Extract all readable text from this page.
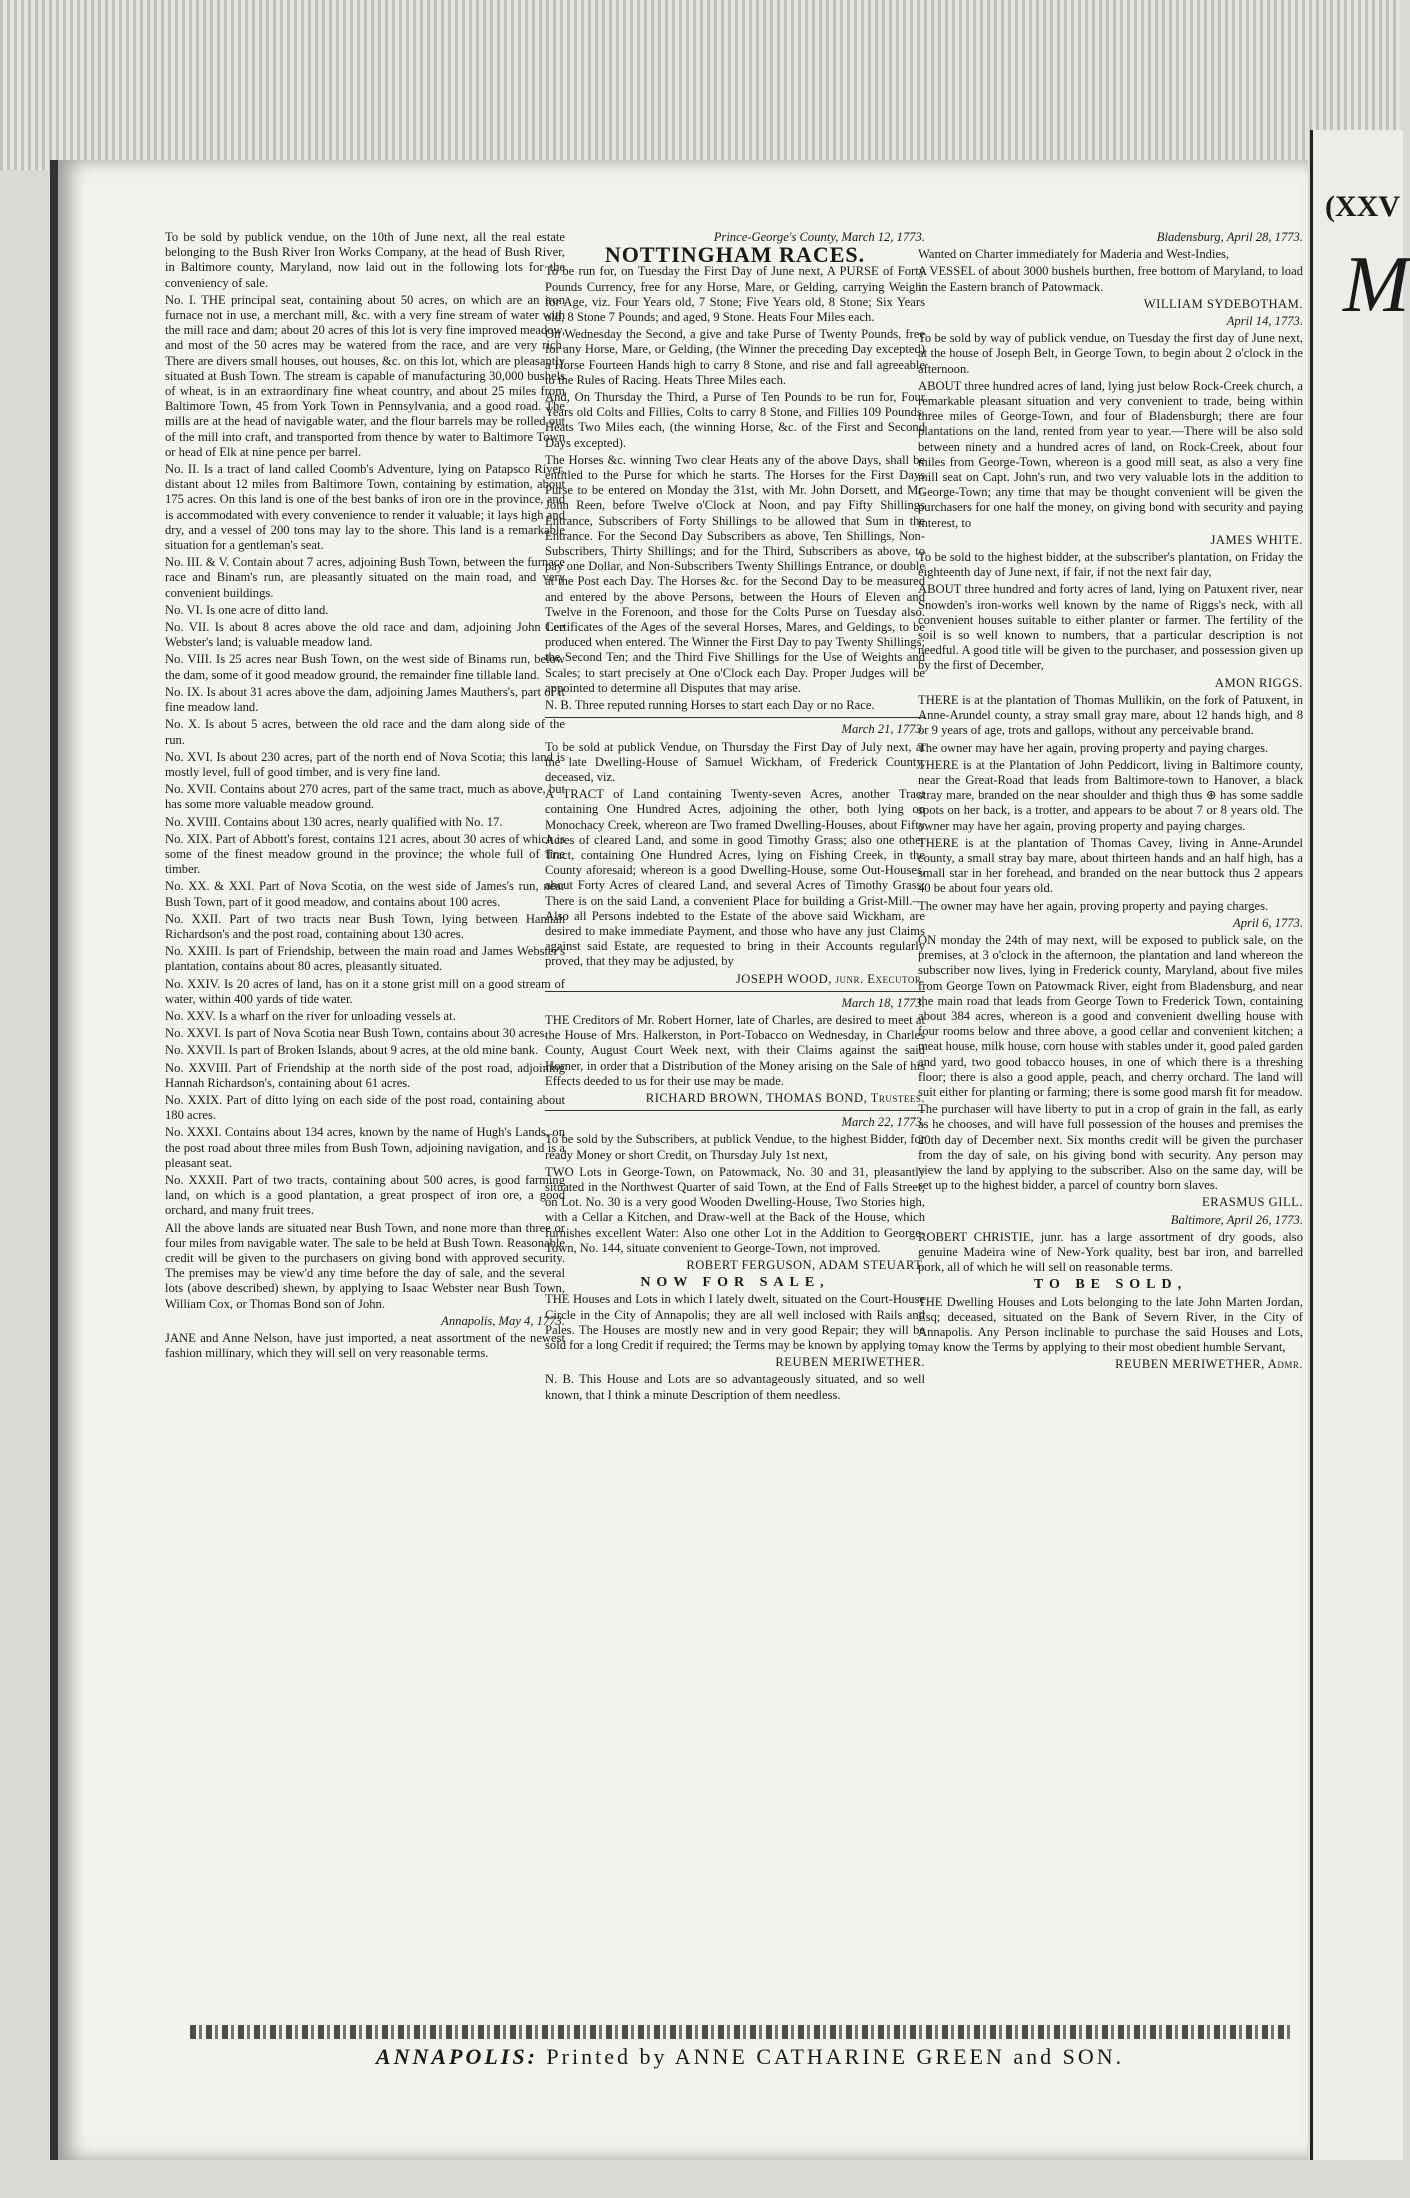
(XXV
M

To be sold by publick vendue, on the 10th of June next, all the real estate belonging to the Bush River Iron Works Company, at the head of Bush River, in Baltimore county, Maryland, now laid out in the following lots for the conveniency of sale.

No. I. THE principal seat, containing about 50 acres, on which are an iron furnace not in use, a merchant mill, &c. with a very fine stream of water with the mill race and dam; about 20 acres of this lot is very fine improved meadow, and most of the 50 acres may be watered from the race, and are very rich. There are divers small houses, out houses, &c. on this lot, which are pleasantly situated at Bush Town. The stream is capable of manufacturing 30,000 bushels of wheat, is in an extraordinary fine wheat country, and about 25 miles from Baltimore Town, 45 from York Town in Pennsylvania, and a good road. The mills are at the head of navigable water, and the flour barrels may be rolled out of the mill into craft, and transported from thence by water to Baltimore Town or head of Elk at nine pence per barrel.

No. II. Is a tract of land called Coomb's Adventure, lying on Patapsco River, distant about 12 miles from Baltimore Town, containing by estimation, about 175 acres. On this land is one of the best banks of iron ore in the province, and is accommodated with every convenience to render it valuable; it lays high and dry, and a vessel of 200 tons may lay to the shore. This land is a remarkable situation for a gentleman's seat.

No. III. & V. Contain about 7 acres, adjoining Bush Town, between the furnace race and Binam's run, are pleasantly situated on the main road, and very convenient buildings.

No. VI. Is one acre of ditto land.

No. VII. Is about 8 acres above the old race and dam, adjoining John Lee Webster's land; is valuable meadow land.

No. VIII. Is 25 acres near Bush Town, on the west side of Binams run, below the dam, some of it good meadow ground, the remainder fine tillable land.

No. IX. Is about 31 acres above the dam, adjoining James Mauthers's, part of it fine meadow land.

No. X. Is about 5 acres, between the old race and the dam along side of the run.

No. XVI. Is about 230 acres, part of the north end of Nova Scotia; this land is mostly level, full of good timber, and is very fine land.

No. XVII. Contains about 270 acres, part of the same tract, much as above, but has some more valuable meadow ground.

No. XVIII. Contains about 130 acres, nearly qualified with No. 17.

No. XIX. Part of Abbott's forest, contains 121 acres, about 30 acres of which is some of the finest meadow ground in the province; the whole full of fine timber.

No. XX. & XXI. Part of Nova Scotia, on the west side of James's run, near Bush Town, part of it good meadow, and contains about 100 acres.

No. XXII. Part of two tracts near Bush Town, lying between Hannah Richardson's and the post road, containing about 130 acres.

No. XXIII. Is part of Friendship, between the main road and James Webster's plantation, contains about 80 acres, pleasantly situated.

No. XXIV. Is 20 acres of land, has on it a stone grist mill on a good stream of water, within 400 yards of tide water.

No. XXV. Is a wharf on the river for unloading vessels at.

No. XXVI. Is part of Nova Scotia near Bush Town, contains about 30 acres.

No. XXVII. Is part of Broken Islands, about 9 acres, at the old mine bank.

No. XXVIII. Part of Friendship at the north side of the post road, adjoining Hannah Richardson's, containing about 61 acres.

No. XXIX. Part of ditto lying on each side of the post road, containing about 180 acres.

No. XXXI. Contains about 134 acres, known by the name of Hugh's Lands, on the post road about three miles from Bush Town, adjoining navigation, and is a pleasant seat.

No. XXXII. Part of two tracts, containing about 500 acres, is good farming land, on which is a good plantation, a great prospect of iron ore, a good orchard, and many fruit trees.

All the above lands are situated near Bush Town, and none more than three or four miles from navigable water. The sale to be held at Bush Town. Reasonable credit will be given to the purchasers on giving bond with approved security. The premises may be view'd any time before the day of sale, and the several lots (above described) shewn, by applying to Isaac Webster near Bush Town, William Cox, or Thomas Bond son of John.

Annapolis, May 4, 1773.

JANE and Anne Nelson, have just imported, a neat assortment of the newest fashion millinary, which they will sell on very reasonable terms.

Prince-George's County, March 12, 1773.

NOTTINGHAM RACES.

To be run for, on Tuesday the First Day of June next, A PURSE of Forty Pounds Currency, free for any Horse, Mare, or Gelding, carrying Weight for Age, viz. Four Years old, 7 Stone; Five Years old, 8 Stone; Six Years old, 8 Stone 7 Pounds; and aged, 9 Stone. Heats Four Miles each.

On Wednesday the Second, a give and take Purse of Twenty Pounds, free for any Horse, Mare, or Gelding, (the Winner the preceding Day excepted) a Horse Fourteen Hands high to carry 8 Stone, and rise and fall agreeable to the Rules of Racing. Heats Three Miles each.

And, On Thursday the Third, a Purse of Ten Pounds to be run for, Four Years old Colts and Fillies, Colts to carry 8 Stone, and Fillies 109 Pounds. Heats Two Miles each, (the winning Horse, &c. of the First and Second Days excepted).

The Horses &c. winning Two clear Heats any of the above Days, shall be entitled to the Purse for which he starts. The Horses for the First Days Purse to be entered on Monday the 31st, with Mr. John Dorsett, and Mr. John Reen, before Twelve o'Clock at Noon, and pay Fifty Shillings Entrance, Subscribers of Forty Shillings to be allowed that Sum in the Entrance. For the Second Day Subscribers as above, Ten Shillings, Non-Subscribers, Thirty Shillings; and for the Third, Subscribers as above, to pay one Dollar, and Non-Subscribers Twenty Shillings Entrance, or double at the Post each Day. The Horses &c. for the Second Day to be measured and entered by the above Persons, between the Hours of Eleven and Twelve in the Forenoon, and those for the Colts Purse on Tuesday also. Certificates of the Ages of the several Horses, Mares, and Geldings, to be produced when entered. The Winner the First Day to pay Twenty Shillings; the Second Ten; and the Third Five Shillings for the Use of Weights and Scales; to start precisely at One o'Clock each Day. Proper Judges will be appointed to determine all Disputes that may arise.

N. B. Three reputed running Horses to start each Day or no Race.

March 21, 1773.

To be sold at publick Vendue, on Thursday the First Day of July next, at the late Dwelling-House of Samuel Wickham, of Frederick County, deceased, viz.

A TRACT of Land containing Twenty-seven Acres, another Tract containing One Hundred Acres, adjoining the other, both lying on Monochacy Creek, whereon are Two framed Dwelling-Houses, about Fifty Acres of cleared Land, and some in good Timothy Grass; also one other Tract, containing One Hundred Acres, lying on Fishing Creek, in the County aforesaid; whereon is a good Dwelling-House, some Out-Houses, about Forty Acres of cleared Land, and several Acres of Timothy Grass: There is on the said Land, a convenient Place for building a Grist-Mill.—Also all Persons indebted to the Estate of the above said Wickham, are desired to make immediate Payment, and those who have any just Claims against said Estate, are requested to bring in their Accounts regularly proved, that they may be adjusted, by

JOSEPH WOOD, junr. Executor.

March 18, 1773.

THE Creditors of Mr. Robert Horner, late of Charles, are desired to meet at the House of Mrs. Halkerston, in Port-Tobacco on Wednesday, in Charles County, August Court Week next, with their Claims against the said Horner, in order that a Distribution of the Money arising on the Sale of his Effects deeded to us for their use may be made.

RICHARD BROWN, THOMAS BOND, Trustees.

March 22, 1773.

To be sold by the Subscribers, at publick Vendue, to the highest Bidder, for ready Money or short Credit, on Thursday July 1st next,

TWO Lots in George-Town, on Patowmack, No. 30 and 31, pleasantly situated in the Northwest Quarter of said Town, at the End of Falls Street; on Lot. No. 30 is a very good Wooden Dwelling-House, Two Stories high, with a Cellar a Kitchen, and Draw-well at the Back of the House, which furnishes excellent Water: Also one other Lot in the Addition to George-Town, No. 144, situate convenient to George-Town, not improved.

ROBERT FERGUSON, ADAM STEUART.

NOW FOR SALE,

THE Houses and Lots in which I lately dwelt, situated on the Court-House Circle in the City of Annapolis; they are all well inclosed with Rails and Pales. The Houses are mostly new and in very good Repair; they will be sold for a long Credit if required; the Terms may be known by applying to

REUBEN MERIWETHER.

N. B. This House and Lots are so advantageously situated, and so well known, that I think a minute Description of them needless.

Bladensburg, April 28, 1773.

Wanted on Charter immediately for Maderia and West-Indies,

A VESSEL of about 3000 bushels burthen, free bottom of Maryland, to load in the Eastern branch of Patowmack.

WILLIAM SYDEBOTHAM.

April 14, 1773.

To be sold by way of publick vendue, on Tuesday the first day of June next, at the house of Joseph Belt, in George Town, to begin about 2 o'clock in the afternoon.

ABOUT three hundred acres of land, lying just below Rock-Creek church, a remarkable pleasant situation and very convenient to trade, being within three miles of George-Town, and four of Bladensburgh; there are four plantations on the land, rented from year to year.—There will be also sold between ninety and a hundred acres of land, on Rock-Creek, about four miles from George-Town, whereon is a good mill seat, as also a very fine mill seat on Capt. John's run, and two very valuable lots in the addition to George-Town; any time that may be thought convenient will be given the purchasers for one half the money, on giving bond with security and paying interest, to

JAMES WHITE.

To be sold to the highest bidder, at the subscriber's plantation, on Friday the eighteenth day of June next, if fair, if not the next fair day,

ABOUT three hundred and forty acres of land, lying on Patuxent river, near Snowden's iron-works well known by the name of Riggs's neck, with all convenient houses suitable to either planter or farmer. The fertility of the soil is so well known to numbers, that a particular description is not needful. A good title will be given to the purchaser, and possession given up by the first of December,

AMON RIGGS.

THERE is at the plantation of Thomas Mullikin, on the fork of Patuxent, in Anne-Arundel county, a stray small gray mare, about 12 hands high, and 8 or 9 years of age, trots and gallops, without any perceivable brand.

The owner may have her again, proving property and paying charges.

THERE is at the Plantation of John Peddicort, living in Baltimore county, near the Great-Road that leads from Baltimore-town to Hanover, a black stray mare, branded on the near shoulder and thigh thus ⊕ has some saddle spots on her back, is a trotter, and appears to be about 7 or 8 years old. The owner may have her again, proving property and paying charges.

THERE is at the plantation of Thomas Cavey, living in Anne-Arundel county, a small stray bay mare, about thirteen hands and an half high, has a small star in her forehead, and branded on the near buttock thus 2 appears 40 be about four years old.

The owner may have her again, proving property and paying charges.

April 6, 1773.

ON monday the 24th of may next, will be exposed to publick sale, on the premises, at 3 o'clock in the afternoon, the plantation and land whereon the subscriber now lives, lying in Frederick county, Maryland, about five miles from George Town on Patowmack River, eight from Bladensburg, and near the main road that leads from George Town to Frederick Town, containing about 384 acres, whereon is a good and convenient dwelling house with four rooms below and three above, a good cellar and convenient kitchen; a meat house, milk house, corn house with stables under it, good paled garden and yard, two good tobacco houses, in one of which there is a threshing floor; there is also a good apple, peach, and cherry orchard. The land will suit either for planting or farming; there is some good marsh fit for meadow.

The purchaser will have liberty to put in a crop of grain in the fall, as early as he chooses, and will have full possession of the houses and premises the 20th day of December next. Six months credit will be given the purchaser from the day of sale, on his giving bond with security. Any person may view the land by applying to the subscriber. Also on the same day, will be set up to the highest bidder, a parcel of country born slaves.

ERASMUS GILL.

Baltimore, April 26, 1773.

ROBERT CHRISTIE, junr. has a large assortment of dry goods, also genuine Madeira wine of New-York quality, best bar iron, and barrelled pork, all of which he will sell on reasonable terms.

TO BE SOLD,

THE Dwelling Houses and Lots belonging to the late John Marten Jordan, Esq; deceased, situated on the Bank of Severn River, in the City of Annapolis. Any Person inclinable to purchase the said Houses and Lots, may know the Terms by applying to their most obedient humble Servant,

REUBEN MERIWETHER, Admr.

ANNAPOLIS: Printed by ANNE CATHARINE GREEN and SON.
